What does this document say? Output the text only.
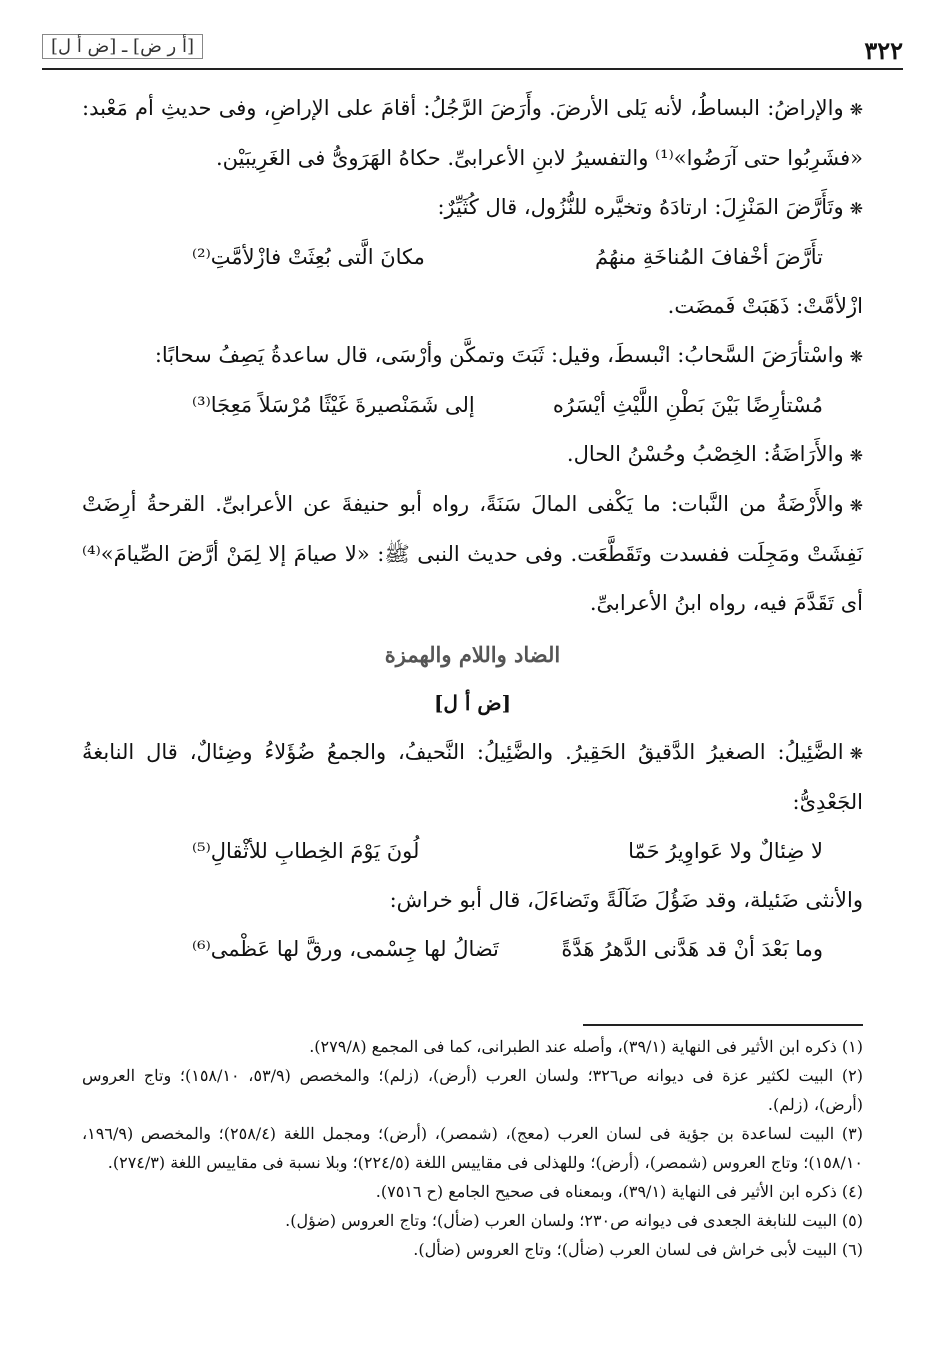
٣٢٢
[أ ر ض] ـ [ض أ ل]

❋والإراضُ: البساطُ، لأنه يَلى الأرضَ. وأَرَضَ الرَّجُلُ: أقامَ على الإراضِ، وفى حديثِ أم مَعْبد: «فشَرِبُوا حتى آرَضُوا»⁽¹⁾ والتفسيرُ لابنِ الأعرابىِّ. حكاهُ الهَرَوىُّ فى الغَرِيبَيْن.

❋وتَأَرَّضَ المَنْزِلَ: ارتادَهُ وتخيَّره للنُّزُول، قال كُثَيِّرٌ:

تأَرَّضَ أخْفافَ المُناخَةِ منهُمُ
مكانَ الَّتى بُعِثَتْ فازْلأمَّتِ⁽²⁾

ازْلأمَّتْ: ذَهَبَتْ فَمضَت.

❋واسْتأرَضَ السَّحابُ: انْبسطَ، وقيل: ثَبَتَ وتمكَّن وأرْسَى، قال ساعدةُ يَصِفُ سحابًا:

مُسْتأرِضًا بَيْنَ بَطْنِ اللَّيْثِ أيْسَرُه
إلى شَمَنْصيرةَ غَيْثًا مُرْسَلاً مَعِجَا⁽³⁾

❋والأَرَاضَةُ: الخِصْبُ وحُسْنُ الحال.

❋والأَرْضَةُ من النَّبات: ما يَكْفى المالَ سَنَةً، رواه أبو حنيفةَ عن الأعرابىِّ. القرحةُ أرِضَتْ نَفِشَتْ ومَجِلَت ففسدت وتَقَطَّعَت. وفى حديث النبى ﷺ: «لا صيامَ إلا لِمَنْ أرَّضَ الصِّيامَ»⁽⁴⁾ أى تَقَدَّمَ فيه، رواه ابنُ الأعرابىِّ.

الضاد واللام والهمزة
[ض أ ل]

❋الضَّئِيلُ: الصغيرُ الدَّقيقُ الحَقِيرُ. والضَّئِيلُ: النَّحيفُ، والجمعُ ضُؤَلاءُ وضِئالٌ، قال النابغةُ الجَعْدِىُّ:

لا ضِئالٌ ولا عَواوِيرُ حَمّا
لُونَ يَوْمَ الخِطابِ للأثْقالِ⁽⁵⁾

والأنثى ضَئيلة، وقد ضَؤُلَ ضَآلَةً وتَضاءَلَ، قال أبو خراش:

وما بَعْدَ أنْ قد هَدَّنى الدَّهرُ هَدَّةً
تَضالُ لها جِسْمى، ورقَّ لها عَظْمى⁽⁶⁾

(١) ذكره ابن الأثير فى النهاية (٣٩/١)، وأصله عند الطبرانى، كما فى المجمع (٢٧٩/٨).

(٢) البيت لكثير عزة فى ديوانه ص٣٢٦؛ ولسان العرب (أرض)، (زلم)؛ والمخصص (٥٣/٩، ١٥٨/١٠)؛ وتاج العروس (أرض)، (زلم).

(٣) البيت لساعدة بن جؤية فى لسان العرب (معج)، (شمصر)، (أرض)؛ ومجمل اللغة (٢٥٨/٤)؛ والمخصص (١٩٦/٩، ١٥٨/١٠)؛ وتاج العروس (شمصر)، (أرض)؛ وللهذلى فى مقاييس اللغة (٢٢٤/٥)؛ وبلا نسبة فى مقاييس اللغة (٢٧٤/٣).

(٤) ذكره ابن الأثير فى النهاية (٣٩/١)، وبمعناه فى صحيح الجامع (ح ٧٥١٦).

(٥) البيت للنابغة الجعدى فى ديوانه ص٢٣٠؛ ولسان العرب (ضأل)؛ وتاج العروس (ضؤل).

(٦) البيت لأبى خراش فى لسان العرب (ضأل)؛ وتاج العروس (ضأل).
